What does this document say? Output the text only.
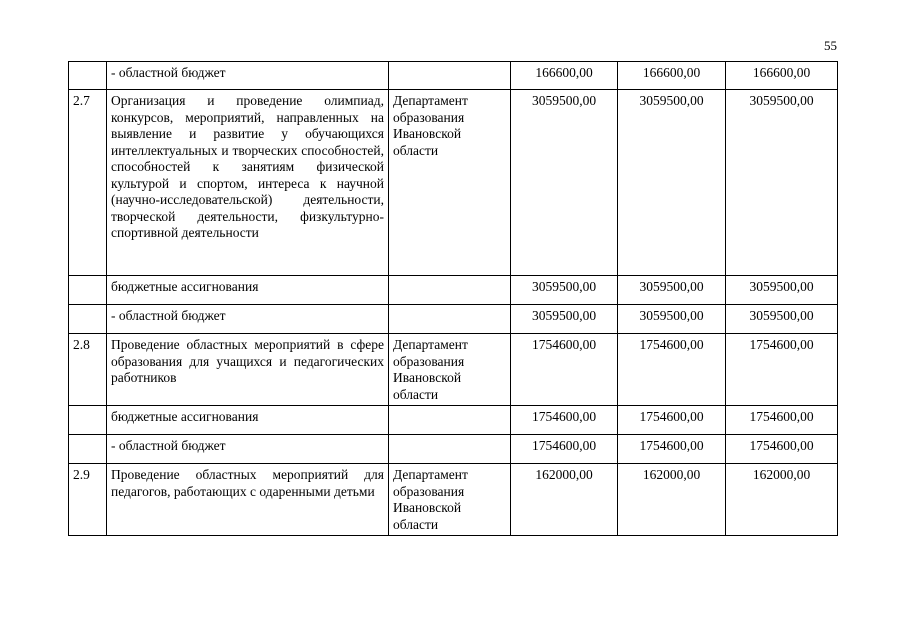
55
	- областной бюджет		166600,00	166600,00	166600,00
2.7	Организация и проведение олимпиад, конкурсов, мероприятий, направленных на выявление и развитие у обучающихся интеллектуальных и творческих способностей, способностей к занятиям физической культурой и спортом, интереса к научной (научно-исследовательской) деятельности, творческой деятельности, физкультурно-спортивной деятельности	Департамент образования Ивановской области	3059500,00	3059500,00	3059500,00
	бюджетные ассигнования		3059500,00	3059500,00	3059500,00
	- областной бюджет		3059500,00	3059500,00	3059500,00
2.8	Проведение областных мероприятий в сфере образования для учащихся и педагогических работников	Департамент образования Ивановской области	1754600,00	1754600,00	1754600,00
	бюджетные ассигнования		1754600,00	1754600,00	1754600,00
	- областной бюджет		1754600,00	1754600,00	1754600,00
2.9	Проведение областных мероприятий для педагогов, работающих с одаренными детьми	Департамент образования Ивановской области	162000,00	162000,00	162000,00
